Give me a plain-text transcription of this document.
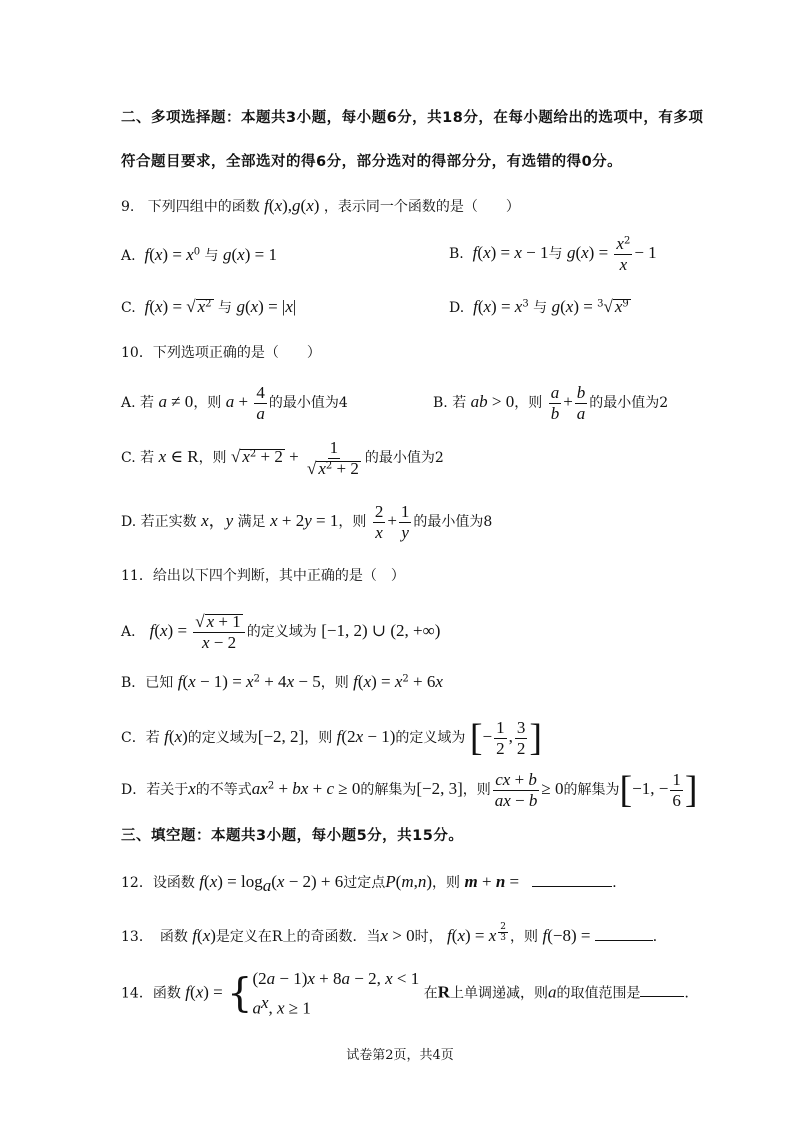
二、多项选择题：本题共3小题，每小题6分，共18分，在每小题给出的选项中，有多项
符合题目要求，全部选对的得6分，部分选对的得部分分，有选错的得0分。
9. 下列四组中的函数 f(x),g(x) ，表示同一个函数的是（　　）
A. $f(x) = x^0$ 与 g(x) = 1	B. f(x) = x − 1与 $g(x) = \frac{x^2}{x} - 1$
C. f(x) = √ $x^2$ 与 g(x) = |x|	D. $f(x) = x^3$ 与 g(x) = $^3$√ $x^9$
10．下列选项正确的是（　　）
A. 若 a ≠ 0，则 $a + \frac{4}{a}$ 的最小值为4	B. 若 ab > 0，则 $\frac{a}{b} + \frac{b}{a}$ 的最小值为2
C. 若 x ∈ R，则 √ $x^2 + 2 + \frac{1}{√ x^2 + 2}$ 的最小值为2
D. 若正实数 x，y 满足 x + 2y = 1，则 $\frac{2}{x} + \frac{1}{y}$ 的最小值为8
11．给出以下四个判断，其中正确的是（　）
A． $f(x) = \frac{√ x + 1}{x - 2}$ 的定义域为 [−1, 2) ∪ (2, +∞)
B．已知 $f(x - 1) = x^2 + 4x - 5$，则 $f(x) = x^2 + 6x$
C．若 f(x)的定义域为[−2, 2]，则 f(2x − 1)的定义域为 [− $\frac{1}{2}$ , $\frac{3}{2}$ ]
D．若关于x的不等式$ax^2$ + bx + c ≥ 0的解集为[−2, 3]，则 $\frac{cx + b}{ax - b} \ge 0$的解集为[−1, − $\frac{1}{6}$ ]
三、填空题：本题共3小题，每小题5分，共15分。
12．设函数 $f(x) = \log_a(x - 2) + 6$过定点P(m,n)，则 m + n =	．
13．　函数 f(x)是定义在R上的奇函数．当x > 0时， f(x) = x $^{\frac{2}{3}}$ ，则 f(−8) =	．
14．函数 f(x) = { (2a − 1)x + 8a − 2, x < 1
$a^x$, x ≥ 1
在R上单调递减，则a的取值范围是	．
试卷第2页，共4页
